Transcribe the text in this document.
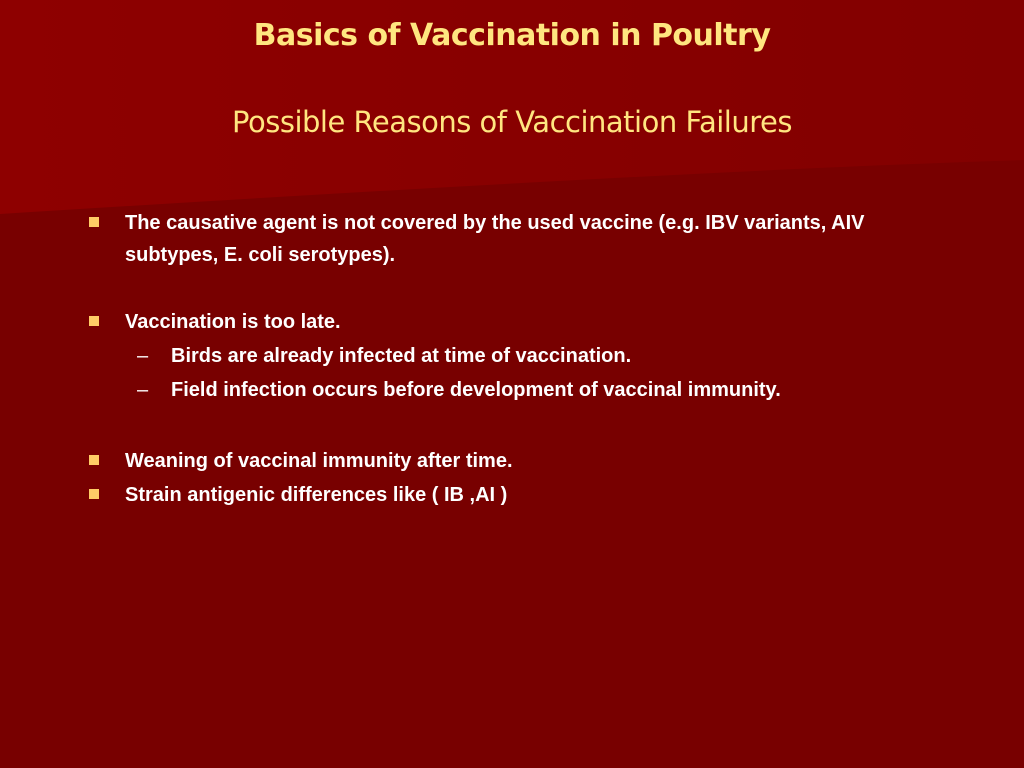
Basics of Vaccination in Poultry
Possible Reasons of Vaccination Failures
The causative agent is not covered by the used vaccine (e.g. IBV variants, AIV subtypes, E. coli serotypes).
Vaccination is too late.
– Birds are already infected at time of vaccination.
– Field infection occurs before development of vaccinal immunity.
Weaning of vaccinal immunity after time.
Strain antigenic differences like ( IB ,AI )
